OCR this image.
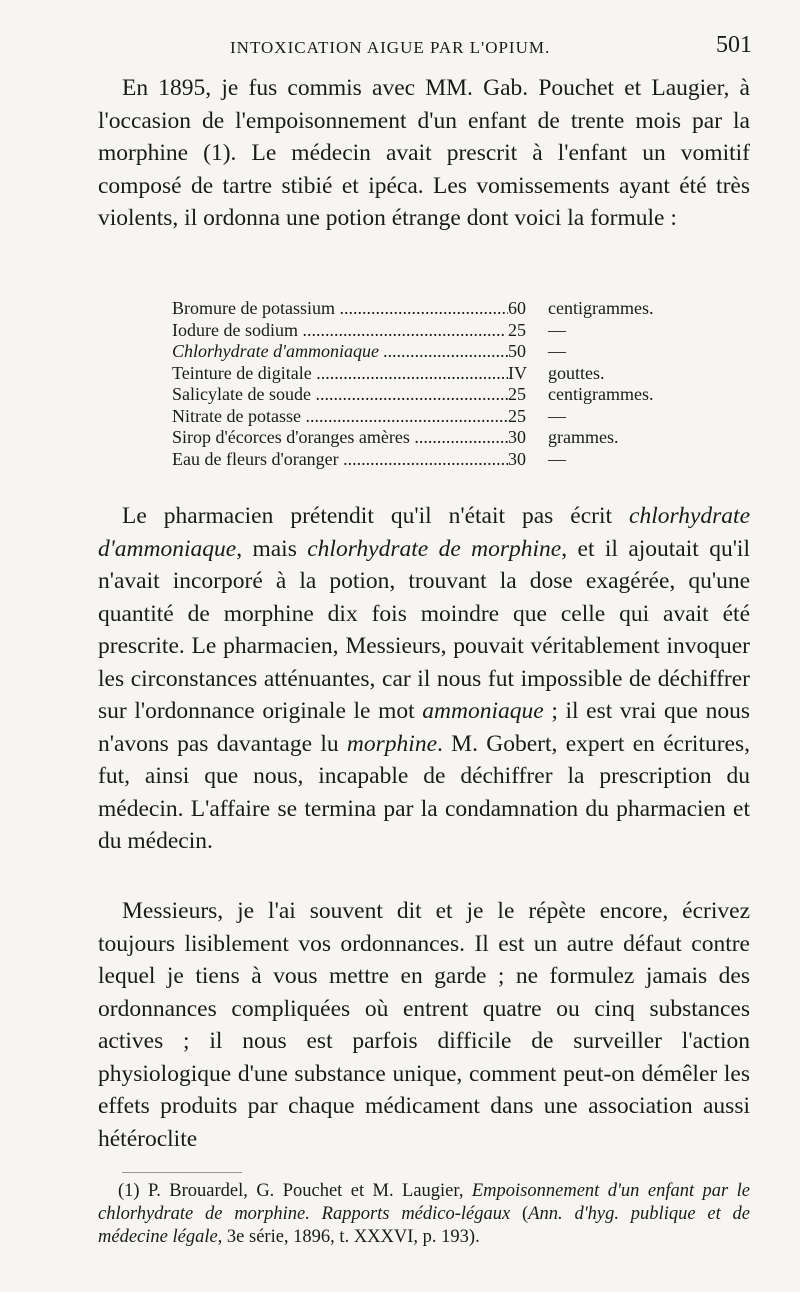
INTOXICATION AIGUE PAR L'OPIUM.	501

En 1895, je fus commis avec MM. Gab. Pouchet et Laugier, à l'occasion de l'empoisonnement d'un enfant de trente mois par la morphine (1). Le médecin avait prescrit à l'enfant un vomitif composé de tartre stibié et ipéca. Les vomissements ayant été très violents, il ordonna une potion étrange dont voici la formule :

Bromure de potassium .....	60	centigrammes.
Iodure de sodium .....	25	—
Chlorhydrate d'ammoniaque .....	50	—
Teinture de digitale .....	IV	gouttes.
Salicylate de soude .....	25	centigrammes.
Nitrate de potasse .....	25	—
Sirop d'écorces d'oranges amères .....	30	grammes.
Eau de fleurs d'oranger .....	30	—

Le pharmacien prétendit qu'il n'était pas écrit chlorhydrate d'ammoniaque, mais chlorhydrate de morphine, et il ajoutait qu'il n'avait incorporé à la potion, trouvant la dose exagérée, qu'une quantité de morphine dix fois moindre que celle qui avait été prescrite. Le pharmacien, Messieurs, pouvait véritablement invoquer les circonstances atténuantes, car il nous fut impossible de déchiffrer sur l'ordonnance originale le mot ammoniaque ; il est vrai que nous n'avons pas davantage lu morphine. M. Gobert, expert en écritures, fut, ainsi que nous, incapable de déchiffrer la prescription du médecin. L'affaire se termina par la condamnation du pharmacien et du médecin.

Messieurs, je l'ai souvent dit et je le répète encore, écrivez toujours lisiblement vos ordonnances. Il est un autre défaut contre lequel je tiens à vous mettre en garde ; ne formulez jamais des ordonnances compliquées où entrent quatre ou cinq substances actives ; il nous est parfois difficile de surveiller l'action physiologique d'une substance unique, comment peut-on démêler les effets produits par chaque médicament dans une association aussi hétéroclite

(1) P. Brouardel, G. Pouchet et M. Laugier, Empoisonnement d'un enfant par le chlorhydrate de morphine. Rapports médico-légaux (Ann. d'hyg. publique et de médecine légale, 3e série, 1896, t. XXXVI, p. 193).
